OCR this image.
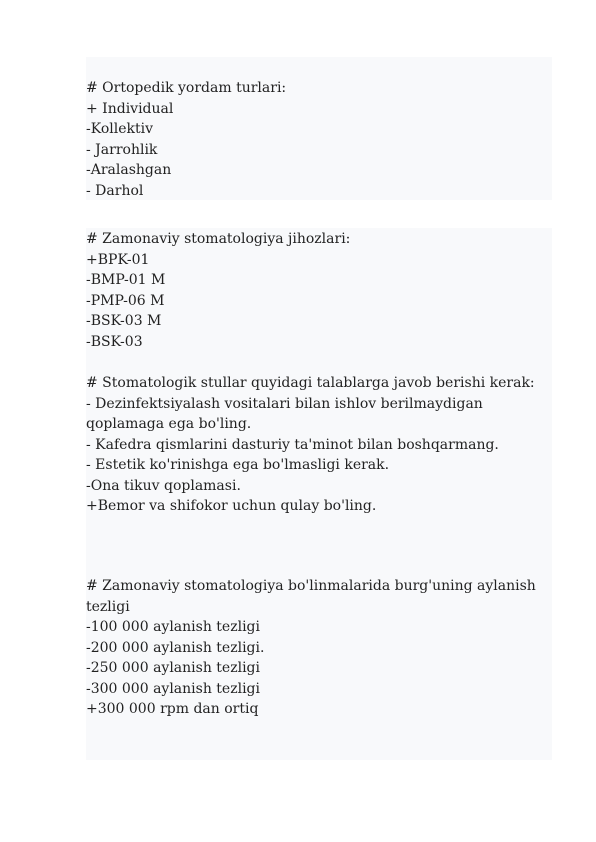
# Ortopedik yordam turlari:
+ Individual
-Kollektiv
- Jarrohlik
-Aralashgan
- Darhol
# Zamonaviy stomatologiya jihozlari:
+BPK-01
-BMP-01 M
-PMP-06 M
-BSK-03 M
-BSK-03
# Stomatologik stullar quyidagi talablarga javob berishi kerak:
- Dezinfektsiyalash vositalari bilan ishlov berilmaydigan qoplamaga ega bo'ling.
- Kafedra qismlarini dasturiy ta'minot bilan boshqarmang.
- Estetik ko'rinishga ega bo'lmasligi kerak.
-Ona tikuv qoplamasi.
+Bemor va shifokor uchun qulay bo'ling.
# Zamonaviy stomatologiya bo'linmalarida burg'uning aylanish tezligi
-100 000 aylanish tezligi
-200 000 aylanish tezligi.
-250 000 aylanish tezligi
-300 000 aylanish tezligi
+300 000 rpm dan ortiq
